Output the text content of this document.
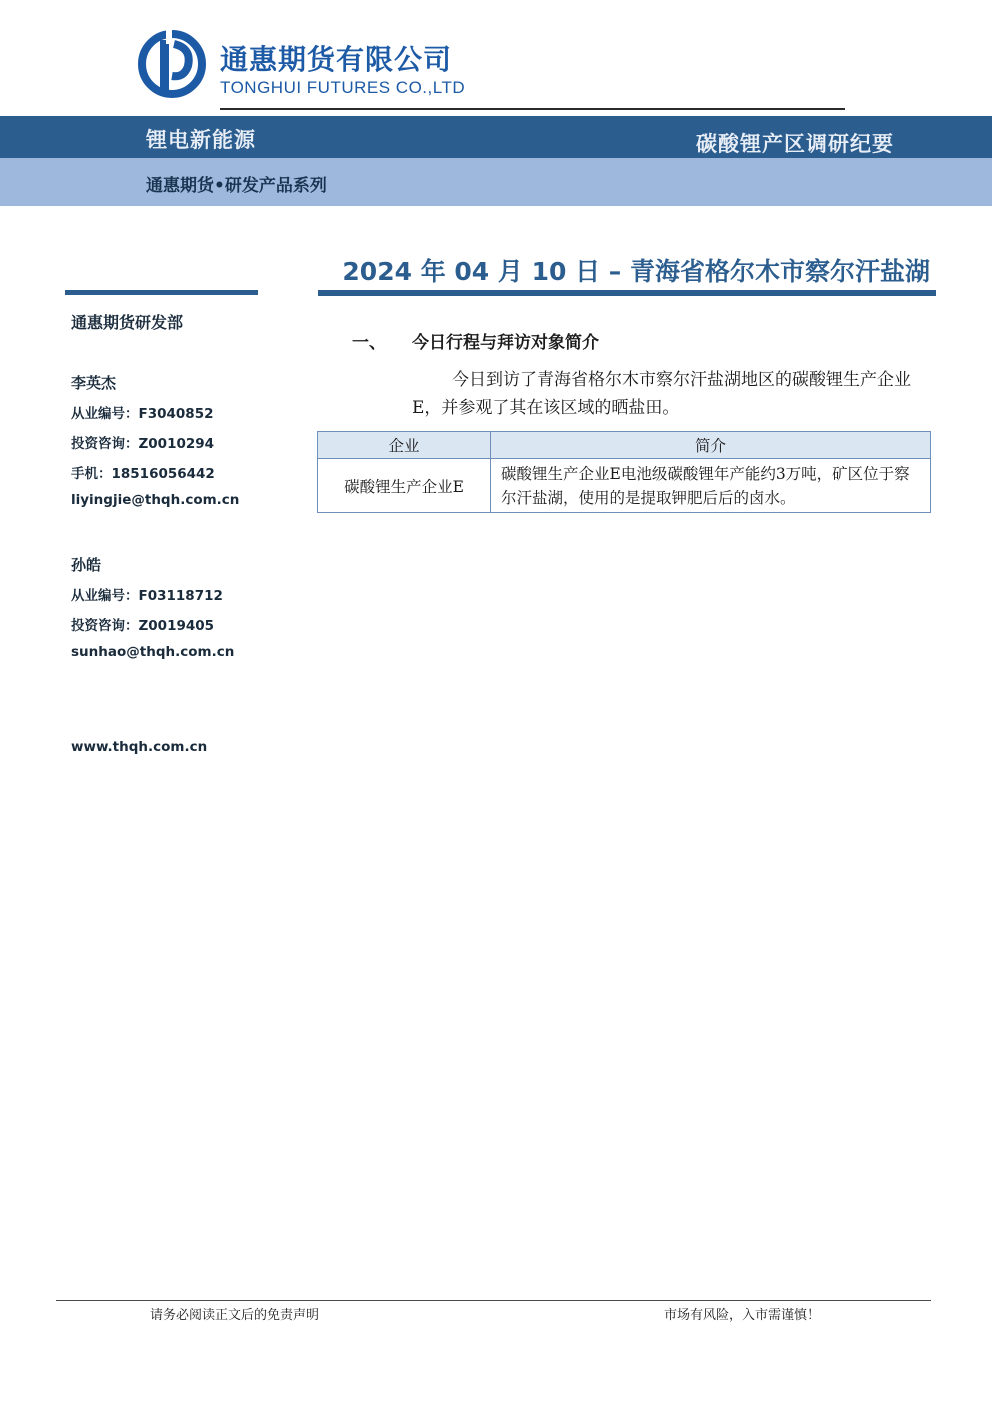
通惠期货有限公司
TONGHUI FUTURES CO.,LTD
锂电新能源	碳酸锂产区调研纪要
通惠期货•研发产品系列
2024 年 04 月 10 日 – 青海省格尔木市察尔汗盐湖
通惠期货研发部
李英杰
从业编号：F3040852
投资咨询：Z0010294
手机：18516056442
liyingjie@thqh.com.cn
孙皓
从业编号：F03118712
投资咨询：Z0019405
sunhao@thqh.com.cn
www.thqh.com.cn
一、 今日行程与拜访对象简介
今日到访了青海省格尔木市察尔汗盐湖地区的碳酸锂生产企业E，并参观了其在该区域的晒盐田。
企业	简介
碳酸锂生产企业E	碳酸锂生产企业E电池级碳酸锂年产能约3万吨，矿区位于察尔汗盐湖，使用的是提取钾肥后后的卤水。
请务必阅读正文后的免责声明	市场有风险，入市需谨慎！
